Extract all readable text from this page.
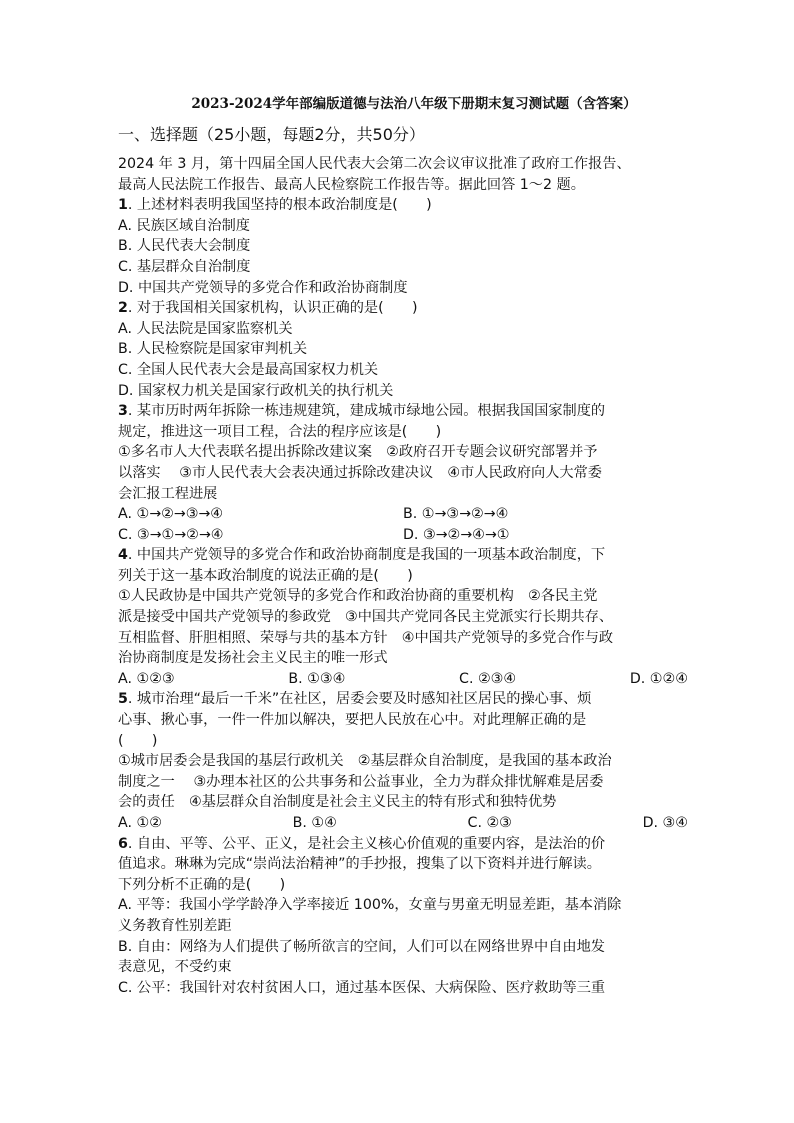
2023-2024学年部编版道德与法治八年级下册期末复习测试题（含答案）
一、选择题（25小题，每题2分，共50分）
2024 年 3 月，第十四届全国人民代表大会第二次会议审议批准了政府工作报告、
最高人民法院工作报告、最高人民检察院工作报告等。据此回答 1～2 题。
1. 上述材料表明我国坚持的根本政治制度是(　　)
A. 民族区域自治制度
B. 人民代表大会制度
C. 基层群众自治制度
D. 中国共产党领导的多党合作和政治协商制度
2. 对于我国相关国家机构，认识正确的是(　　)
A. 人民法院是国家监察机关
B. 人民检察院是国家审判机关
C. 全国人民代表大会是最高国家权力机关
D. 国家权力机关是国家行政机关的执行机关
3. 某市历时两年拆除一栋违规建筑，建成城市绿地公园。根据我国国家制度的
规定，推进这一项目工程，合法的程序应该是(　　)
①多名市人大代表联名提出拆除改建议案　②政府召开专题会议研究部署并予
以落实　 ③市人民代表大会表决通过拆除改建决议　④市人民政府向人大常委
会汇报工程进展
A. ①→②→③→④	B. ①→③→②→④
C. ③→①→②→④	D. ③→②→④→①
4. 中国共产党领导的多党合作和政治协商制度是我国的一项基本政治制度，下
列关于这一基本政治制度的说法正确的是(　　)
①人民政协是中国共产党领导的多党合作和政治协商的重要机构　②各民主党
派是接受中国共产党领导的参政党　③中国共产党同各民主党派实行长期共存、
互相监督、肝胆相照、荣辱与共的基本方针　④中国共产党领导的多党合作与政
治协商制度是发扬社会主义民主的唯一形式
A. ①②③	B. ①③④	C. ②③④	D. ①②④
5. 城市治理“最后一千米”在社区，居委会要及时感知社区居民的操心事、烦
心事、揪心事，一件一件加以解决，要把人民放在心中。对此理解正确的是
(　　)
①城市居委会是我国的基层行政机关　②基层群众自治制度，是我国的基本政治
制度之一　 ③办理本社区的公共事务和公益事业，全力为群众排忧解难是居委
会的责任　④基层群众自治制度是社会主义民主的特有形式和独特优势
A. ①②	B. ①④	C. ②③	D. ③④
6. 自由、平等、公平、正义，是社会主义核心价值观的重要内容，是法治的价
值追求。琳琳为完成“崇尚法治精神”的手抄报，搜集了以下资料并进行解读。
下列分析不正确的是(　　)
A. 平等：我国小学学龄净入学率接近 100%，女童与男童无明显差距，基本消除
义务教育性别差距
B. 自由：网络为人们提供了畅所欲言的空间，人们可以在网络世界中自由地发
表意见，不受约束
C. 公平：我国针对农村贫困人口，通过基本医保、大病保险、医疗救助等三重
